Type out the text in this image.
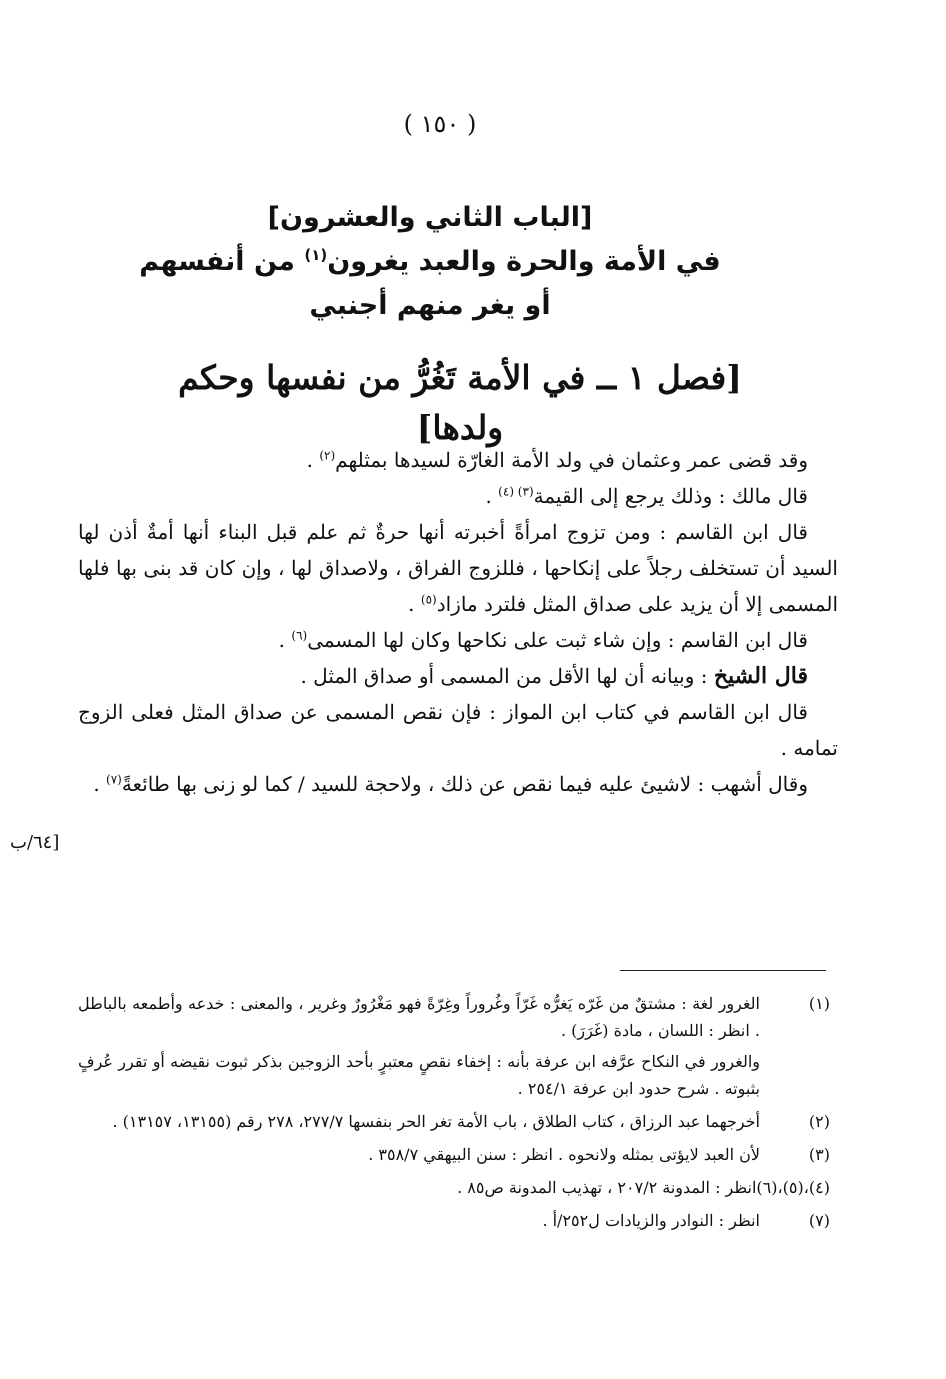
( ١٥٠ )
[الباب الثاني والعشرون]
في الأمة والحرة والعبد يغرون$^{(١)}$ من أنفسهم
أو يغر منهم أجنبي
[فصل ١ ــ في الأمة تَغُرُّ من نفسها وحكم ولدها]

وقد قضى عمر وعثمان في ولد الأمة الغارّة لسيدها بمثلهم$^{(٢)}$ .

قال مالك : وذلك يرجع إلى القيمة$^{(٣) (٤)}$ .

قال ابن القاسم : ومن تزوج امرأةً أخبرته أنها حرةٌ ثم علم قبل البناء أنها أمةٌ أذن لها السيد أن تستخلف رجلاً على إنكاحها ، فللزوج الفراق ، ولاصداق لها ، وإن كان قد بنى بها فلها المسمى إلا أن يزيد على صداق المثل فلترد مازاد$^{(٥)}$ .

قال ابن القاسم : وإن شاء ثبت على نكاحها وكان لها المسمى$^{(٦)}$ .

قال الشيخ : وبيانه أن لها الأقل من المسمى أو صداق المثل .

قال ابن القاسم في كتاب ابن المواز : فإن نقص المسمى عن صداق المثل فعلى الزوج تمامه .

وقال أشهب : لاشيئ عليه فيما نقص عن ذلك ، ولاحجة للسيد / كما لو زنى بها طائعةً$^{(٧)}$ .

[٦٤/ب
(١)

الغرور لغة : مشتقٌ من غَرّه يَغرُّه غَرّاً وغُروراً وغِرّةً فهو مَغْرُورٌ وغرير ، والمعنى : خدعه وأطمعه بالباطل . انظر : اللسان ، مادة (غَرَرَ) .

والغرور في النكاح عرَّفه ابن عرفة بأنه : إخفاء نقصٍ معتبرٍ بأحد الزوجين بذكر ثبوت نقيضه أو تقرر عُرفٍ بثبوته . شرح حدود ابن عرفة ٢٥٤/١ .

(٢)

أخرجهما عبد الرزاق ، كتاب الطلاق ، باب الأمة تغر الحر بنفسها ٢٧٧/٧، ٢٧٨ رقم (١٣١٥٥، ١٣١٥٧) .

(٣)

لأن العبد لايؤتى بمثله ولانحوه . انظر : سنن البيهقي ٣٥٨/٧ .

(٤)،(٥)،(٦)

انظر : المدونة ٢٠٧/٢ ، تهذيب المدونة ص٨٥ .

(٧)

انظر : النوادر والزيادات ل٢٥٢/أ .
